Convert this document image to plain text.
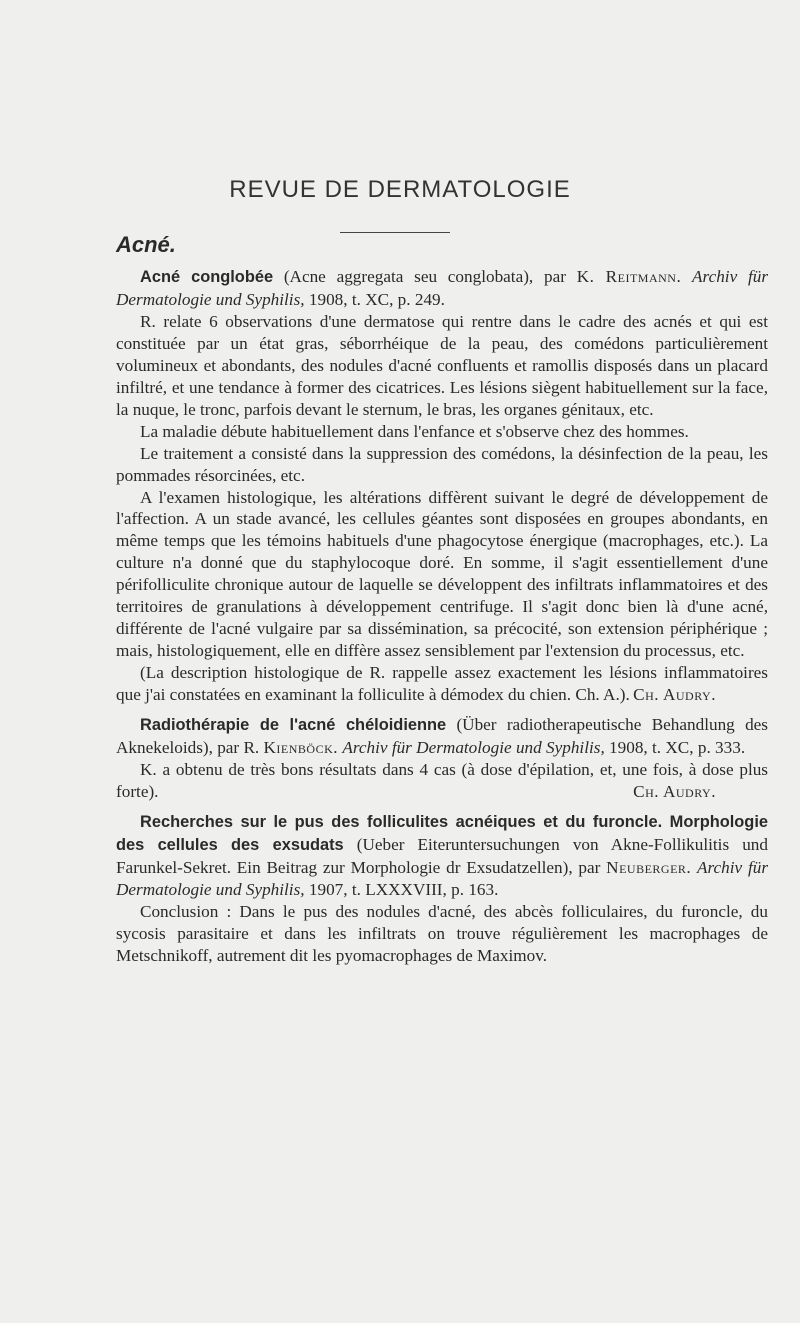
REVUE DE DERMATOLOGIE
Acné.

Acné conglobée (Acne aggregata seu conglobata), par K. Reitmann. Archiv für Dermatologie und Syphilis, 1908, t. XC, p. 249.

R. relate 6 observations d'une dermatose qui rentre dans le cadre des acnés et qui est constituée par un état gras, séborrhéique de la peau, des comédons particulièrement volumineux et abondants, des nodules d'acné confluents et ramollis disposés dans un placard infiltré, et une tendance à former des cicatrices. Les lésions siègent habituellement sur la face, la nuque, le tronc, parfois devant le sternum, le bras, les organes génitaux, etc.

La maladie débute habituellement dans l'enfance et s'observe chez des hommes.

Le traitement a consisté dans la suppression des comédons, la désinfection de la peau, les pommades résorcinées, etc.

A l'examen histologique, les altérations diffèrent suivant le degré de développement de l'affection. A un stade avancé, les cellules géantes sont disposées en groupes abondants, en même temps que les témoins habituels d'une phagocytose énergique (macrophages, etc.). La culture n'a donné que du staphylocoque doré. En somme, il s'agit essentiellement d'une périfolliculite chronique autour de laquelle se développent des infiltrats inflammatoires et des territoires de granulations à développement centrifuge. Il s'agit donc bien là d'une acné, différente de l'acné vulgaire par sa dissémination, sa précocité, son extension périphérique ; mais, histologiquement, elle en diffère assez sensiblement par l'extension du processus, etc.

(La description histologique de R. rappelle assez exactement les lésions inflammatoires que j'ai constatées en examinant la folliculite à démodex du chien. Ch. A.). Ch. Audry.

Radiothérapie de l'acné chéloidienne (Über radiotherapeutische Behandlung des Aknekeloids), par R. Kienböck. Archiv für Dermatologie und Syphilis, 1908, t. XC, p. 333.

K. a obtenu de très bons résultats dans 4 cas (à dose d'épilation, et, une fois, à dose plus forte).	Ch. Audry.

Recherches sur le pus des folliculites acnéiques et du furoncle. Morphologie des cellules des exsudats (Ueber Eiteruntersuchungen von Akne-Follikulitis und Farunkel-Sekret. Ein Beitrag zur Morphologie dr Exsudatzellen), par Neuberger. Archiv für Dermatologie und Syphilis, 1907, t. LXXXVIII, p. 163.

Conclusion : Dans le pus des nodules d'acné, des abcès folliculaires, du furoncle, du sycosis parasitaire et dans les infiltrats on trouve régulièrement les macrophages de Metschnikoff, autrement dit les pyomacrophages de Maximov.
